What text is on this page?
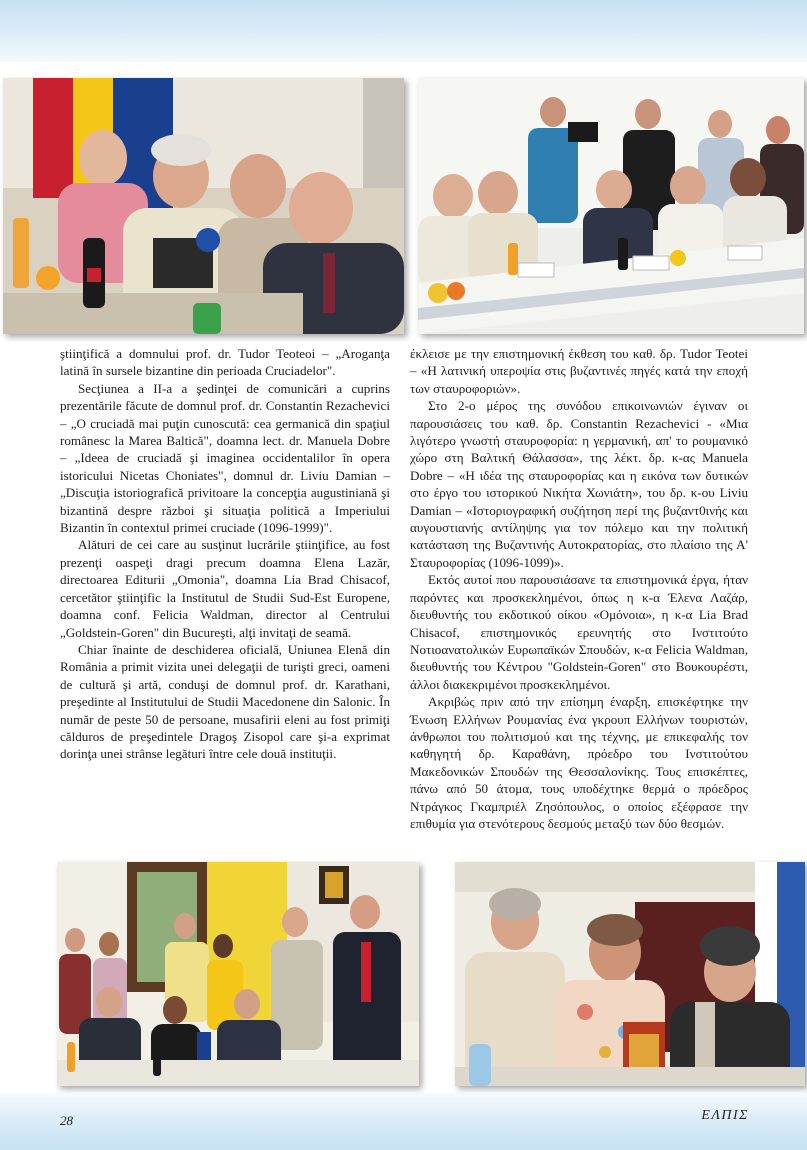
ştiinţifică a domnului prof. dr. Tudor Teoteoi – „Aroganţa latină în sursele bizantine din perioada Cruciadelor".

Secţiunea a II-a a şedinţei de comunicări a cuprins prezentările făcute de domnul prof. dr. Constantin Rezachevici – „O cruciadă mai puţin cunoscută: cea germanică din spaţiul românesc la Marea Baltică", doamna lect. dr. Manuela Dobre – „Ideea de cruciadă şi imaginea occidentalilor în opera istoricului Nicetas Choniates", domnul dr. Liviu Damian – „Discuţia istoriografică privitoare la concepţia augustiniană şi bizantină despre război şi situaţia politică a Imperiului Bizantin în contextul primei cruciade (1096-1999)".

Alături de cei care au susţinut lucrările ştiinţifice, au fost prezenţi oaspeţi dragi precum doamna Elena Lazăr, directoarea Editurii „Omonia", doamna Lia Brad Chisacof, cercetător ştiinţific la Institutul de Studii Sud-Est Europene, doamna conf. Felicia Waldman, director al Centrului „Goldstein-Goren" din Bucureşti, alţi invitaţi de seamă.

Chiar înainte de deschiderea oficială, Uniunea Elenă din România a primit vizita unei delegaţii de turişti greci, oameni de cultură şi artă, conduşi de domnul prof. dr. Karathani, preşedinte al Institutului de Studii Macedonene din Salonic. În număr de peste 50 de persoane, musafirii eleni au fost primiţi călduros de preşedintele Dragoş Zisopol care şi-a exprimat dorinţa unei strânse legături între cele două instituţii.

έκλεισε με την επιστημονική έκθεση του καθ. δρ. Tudor Teotei – «Η λατινική υπεροψία στις βυζαντινές πηγές κατά την εποχή των σταυροφοριών».

Στο 2-ο μέρος της συνόδου επικοινωνιών έγιναν οι παρουσιάσεις του καθ. δρ. Constantin Rezachevici - «Μια λιγότερο γνωστή σταυροφορία: η γερμανική, απ' το ρουμανικό χώρο στη Βαλτική Θάλασσα», της λέκτ. δρ. κ-ας Manuela Dobre – «Η ιδέα της σταυροφορίας και η εικόνα των δυτικών στο έργο του ιστορικού Νικήτα Χωνιάτη», του δρ. κ-ου Liviu Damian – «Ιστοριογραφική συζήτηση περί της βυζαντ0ινής και αυγουστιανής αντίληψης για τον πόλεμο και την πολιτική κατάσταση της Βυζαντινής Αυτοκρατορίας, στο πλαίσιο της Α' Σταυροφορίας (1096-1099)».

Εκτός αυτοί που παρουσιάσανε τα επιστημονικά έργα, ήταν παρόντες και προσκεκλημένοι, όπως η κ-α Έλενα Λαζάρ, διευθυντής του εκδοτικού οίκου «Ομόνοια», η κ-α Lia Brad Chisacof, επιστημονικός ερευνητής στο Ινστιτούτο Νοτιοανατολικών Ευρωπαϊκών Σπουδών, κ-α Felicia Waldman, διευθυντής του Κέντρου "Goldstein-Goren" στο Βουκουρέστι, άλλοι διακεκριμένοι προσκεκλημένοι.

Ακριβώς πριν από την επίσημη έναρξη, επισκέφτηκε την Ένωση Ελλήνων Ρουμανίας ένα γκρουπ Ελλήνων τουριστών, άνθρωποι του πολιτισμού και της τέχνης, με επικεφαλής τον καθηγητή δρ. Καραθάνη, πρόεδρο του Ινστιτούτου Μακεδονικών Σπουδών της Θεσσαλονίκης. Τους επισκέπτες, πάνω από 50 άτομα, τους υποδέχτηκε θερμά ο πρόεδρος Ντράγκος Γκαμπριέλ Ζησόπουλος, ο οποίος εξέφρασε την επιθυμία για στενότερους δεσμούς μεταξύ των δύο θεσμών.

28	ΕΛΠΙΣ
